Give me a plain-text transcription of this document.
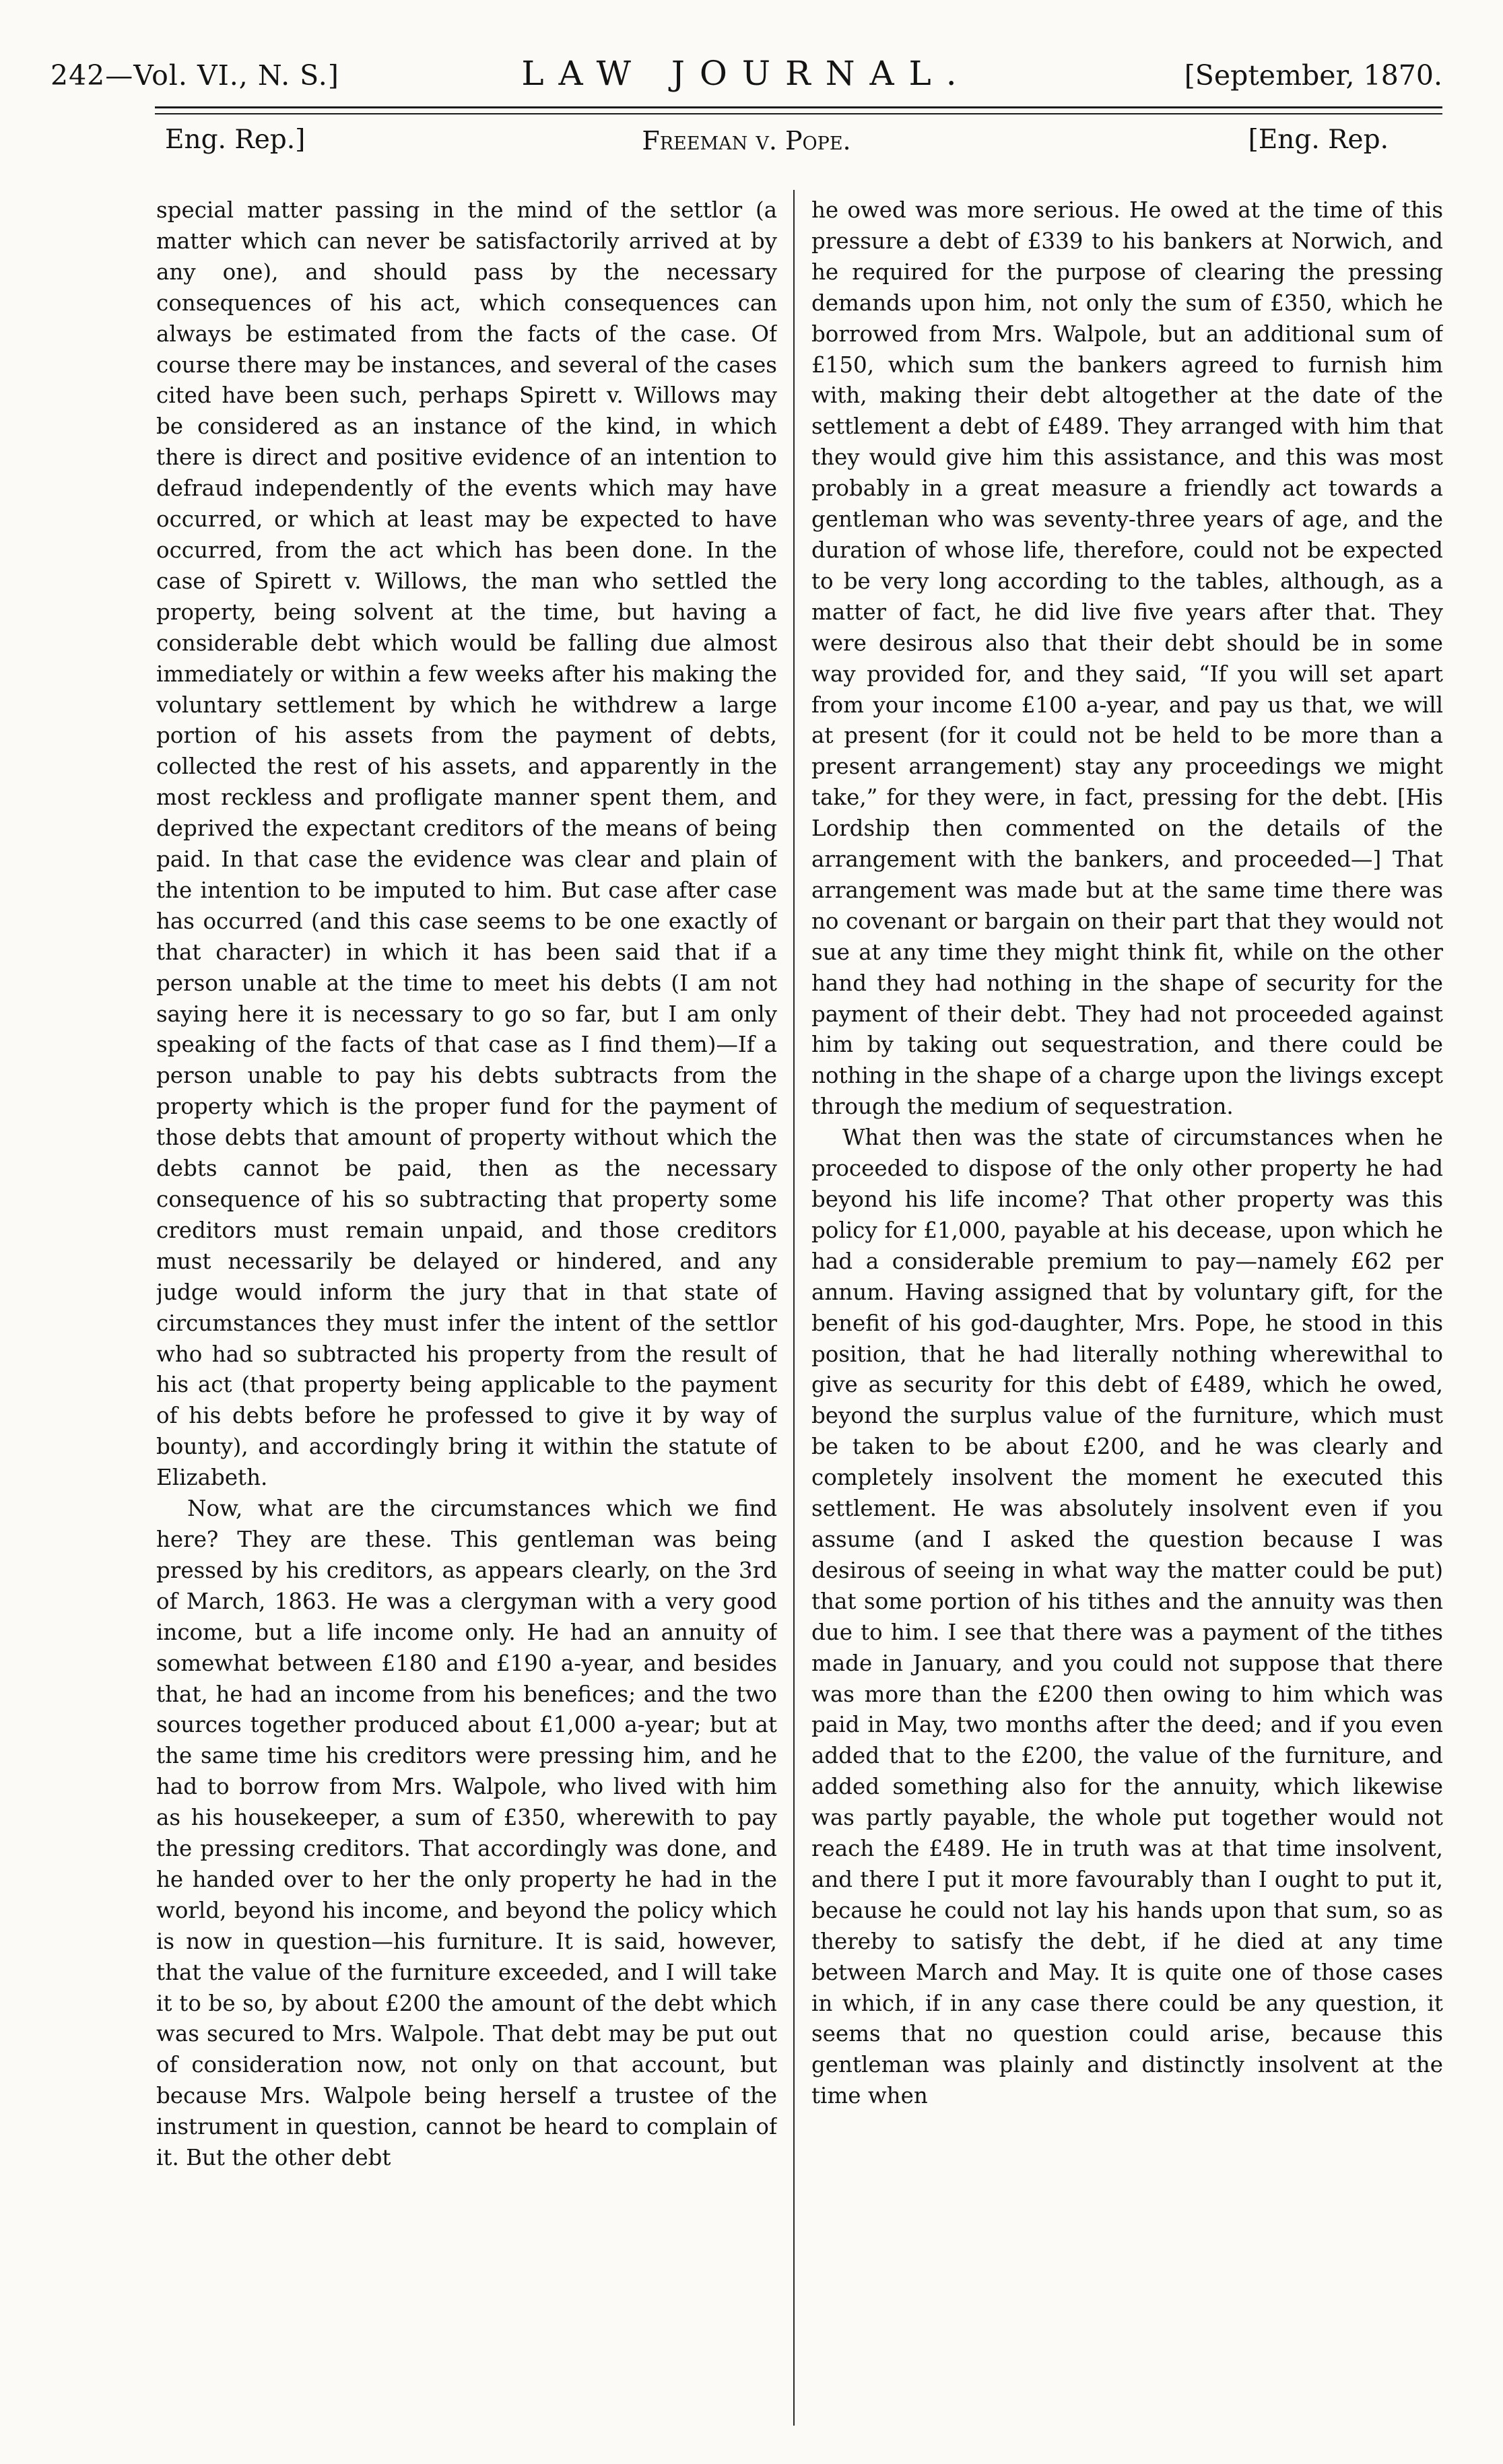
242—Vol. VI., N. S.]	LAW JOURNAL.	[September, 1870.
Eng. Rep.]	Freeman v. Pope.	[Eng. Rep.

special matter passing in the mind of the settlor (a matter which can never be satisfactorily arrived at by any one), and should pass by the necessary consequences of his act, which consequences can always be estimated from the facts of the case. Of course there may be instances, and several of the cases cited have been such, perhaps Spirett v. Willows may be considered as an instance of the kind, in which there is direct and positive evidence of an intention to defraud independently of the events which may have occurred, or which at least may be expected to have occurred, from the act which has been done. In the case of Spirett v. Willows, the man who settled the property, being solvent at the time, but having a considerable debt which would be falling due almost immediately or within a few weeks after his making the voluntary settlement by which he withdrew a large portion of his assets from the payment of debts, collected the rest of his assets, and apparently in the most reckless and profligate manner spent them, and deprived the expectant creditors of the means of being paid. In that case the evidence was clear and plain of the intention to be imputed to him. But case after case has occurred (and this case seems to be one exactly of that character) in which it has been said that if a person unable at the time to meet his debts (I am not saying here it is necessary to go so far, but I am only speaking of the facts of that case as I find them)—If a person unable to pay his debts subtracts from the property which is the proper fund for the payment of those debts that amount of property without which the debts cannot be paid, then as the necessary consequence of his so subtracting that property some creditors must remain unpaid, and those creditors must necessarily be delayed or hindered, and any judge would inform the jury that in that state of circumstances they must infer the intent of the settlor who had so subtracted his property from the result of his act (that property being applicable to the payment of his debts before he professed to give it by way of bounty), and accordingly bring it within the statute of Elizabeth.

Now, what are the circumstances which we find here? They are these. This gentleman was being pressed by his creditors, as appears clearly, on the 3rd of March, 1863. He was a clergyman with a very good income, but a life income only. He had an annuity of somewhat between £180 and £190 a-year, and besides that, he had an income from his benefices; and the two sources together produced about £1,000 a-year; but at the same time his creditors were pressing him, and he had to borrow from Mrs. Walpole, who lived with him as his housekeeper, a sum of £350, wherewith to pay the pressing creditors. That accordingly was done, and he handed over to her the only property he had in the world, beyond his income, and beyond the policy which is now in question—his furniture. It is said, however, that the value of the furniture exceeded, and I will take it to be so, by about £200 the amount of the debt which was secured to Mrs. Walpole. That debt may be put out of consideration now, not only on that account, but because Mrs. Walpole being herself a trustee of the instrument in question, cannot be heard to complain of it. But the other debt

he owed was more serious. He owed at the time of this pressure a debt of £339 to his bankers at Norwich, and he required for the purpose of clearing the pressing demands upon him, not only the sum of £350, which he borrowed from Mrs. Walpole, but an additional sum of £150, which sum the bankers agreed to furnish him with, making their debt altogether at the date of the settlement a debt of £489. They arranged with him that they would give him this assistance, and this was most probably in a great measure a friendly act towards a gentleman who was seventy-three years of age, and the duration of whose life, therefore, could not be expected to be very long according to the tables, although, as a matter of fact, he did live five years after that. They were desirous also that their debt should be in some way provided for, and they said, “If you will set apart from your income £100 a-year, and pay us that, we will at present (for it could not be held to be more than a present arrangement) stay any proceedings we might take,” for they were, in fact, pressing for the debt. [His Lordship then commented on the details of the arrangement with the bankers, and proceeded—] That arrangement was made but at the same time there was no covenant or bargain on their part that they would not sue at any time they might think fit, while on the other hand they had nothing in the shape of security for the payment of their debt. They had not proceeded against him by taking out sequestration, and there could be nothing in the shape of a charge upon the livings except through the medium of sequestration.

What then was the state of circumstances when he proceeded to dispose of the only other property he had beyond his life income? That other property was this policy for £1,000, payable at his decease, upon which he had a considerable premium to pay—namely £62 per annum. Having assigned that by voluntary gift, for the benefit of his god-daughter, Mrs. Pope, he stood in this position, that he had literally nothing wherewithal to give as security for this debt of £489, which he owed, beyond the surplus value of the furniture, which must be taken to be about £200, and he was clearly and completely insolvent the moment he executed this settlement. He was absolutely insolvent even if you assume (and I asked the question because I was desirous of seeing in what way the matter could be put) that some portion of his tithes and the annuity was then due to him. I see that there was a payment of the tithes made in January, and you could not suppose that there was more than the £200 then owing to him which was paid in May, two months after the deed; and if you even added that to the £200, the value of the furniture, and added something also for the annuity, which likewise was partly payable, the whole put together would not reach the £489. He in truth was at that time insolvent, and there I put it more favourably than I ought to put it, because he could not lay his hands upon that sum, so as thereby to satisfy the debt, if he died at any time between March and May. It is quite one of those cases in which, if in any case there could be any question, it seems that no question could arise, because this gentleman was plainly and distinctly insolvent at the time when
